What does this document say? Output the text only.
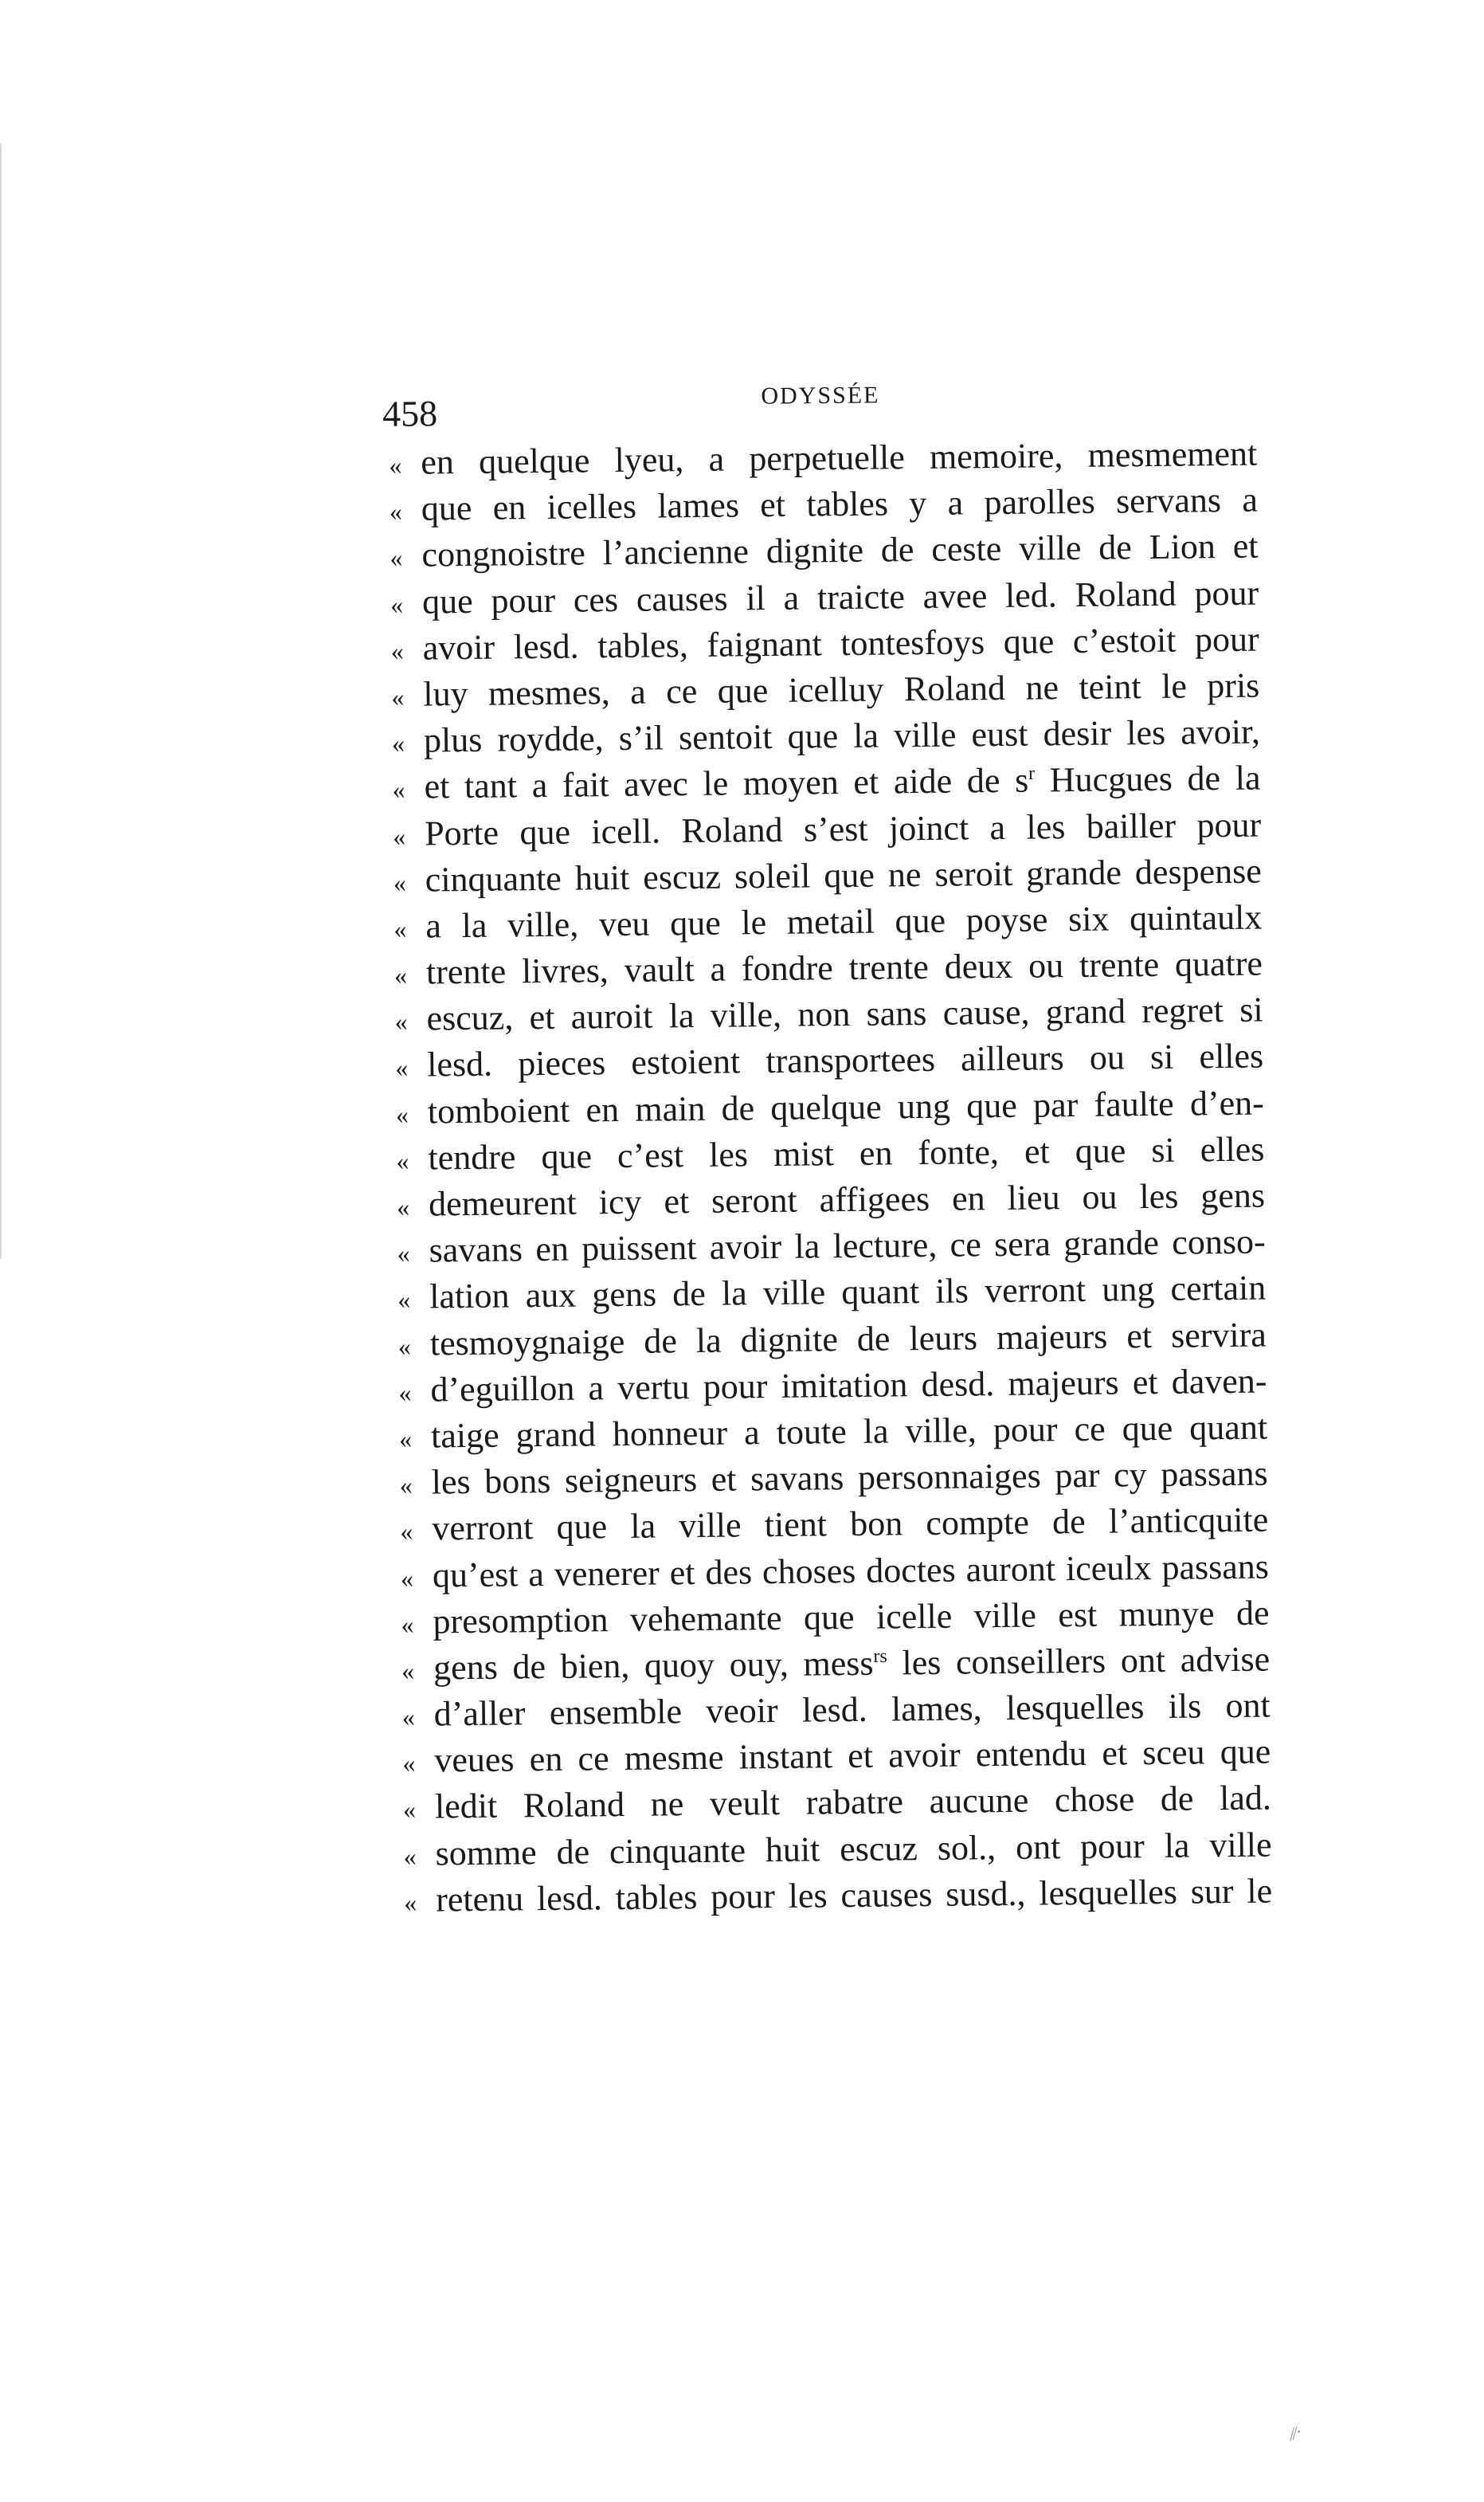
458	ODYSSÉE
« en quelque lyeu, a perpetuelle memoire, mesmement
« que en icelles lames et tables y a parolles servans a
« congnoistre l’ancienne dignite de ceste ville de Lion et
« que pour ces causes il a traicte avee led. Roland pour
« avoir lesd. tables, faignant tontesfoys que c’estoit pour
« luy mesmes, a ce que icelluy Roland ne teint le pris
« plus roydde, s’il sentoit que la ville eust desir les avoir,
« et tant a fait avec le moyen et aide de $s^r$ Hucgues de la
« Porte que icell. Roland s’est joinct a les bailler pour
« cinquante huit escuz soleil que ne seroit grande despense
« a la ville, veu que le metail que poyse six quintaulx
« trente livres, vault a fondre trente deux ou trente quatre
« escuz, et auroit la ville, non sans cause, grand regret si
« lesd. pieces estoient transportees ailleurs ou si elles
« tomboient en main de quelque ung que par faulte d’en-
« tendre que c’est les mist en fonte, et que si elles
« demeurent icy et seront affigees en lieu ou les gens
« savans en puissent avoir la lecture, ce sera grande conso-
« lation aux gens de la ville quant ils verront ung certain
« tesmoygnaige de la dignite de leurs majeurs et servira
« d’eguillon a vertu pour imitation desd. majeurs et daven-
« taige grand honneur a toute la ville, pour ce que quant
« les bons seigneurs et savans personnaiges par cy passans
« verront que la ville tient bon compte de l’anticquite
« qu’est a venerer et des choses doctes auront iceulx passans
« presomption vehemante que icelle ville est munye de
« gens de bien, quoy ouy, mess$^{rs}$ les conseillers ont advise
« d’aller ensemble veoir lesd. lames, lesquelles ils ont
« veues en ce mesme instant et avoir entendu et sceu que
« ledit Roland ne veult rabatre aucune chose de lad.
« somme de cinquante huit escuz sol., ont pour la ville
« retenu lesd. tables pour les causes susd., lesquelles sur le
⁄⁄·
